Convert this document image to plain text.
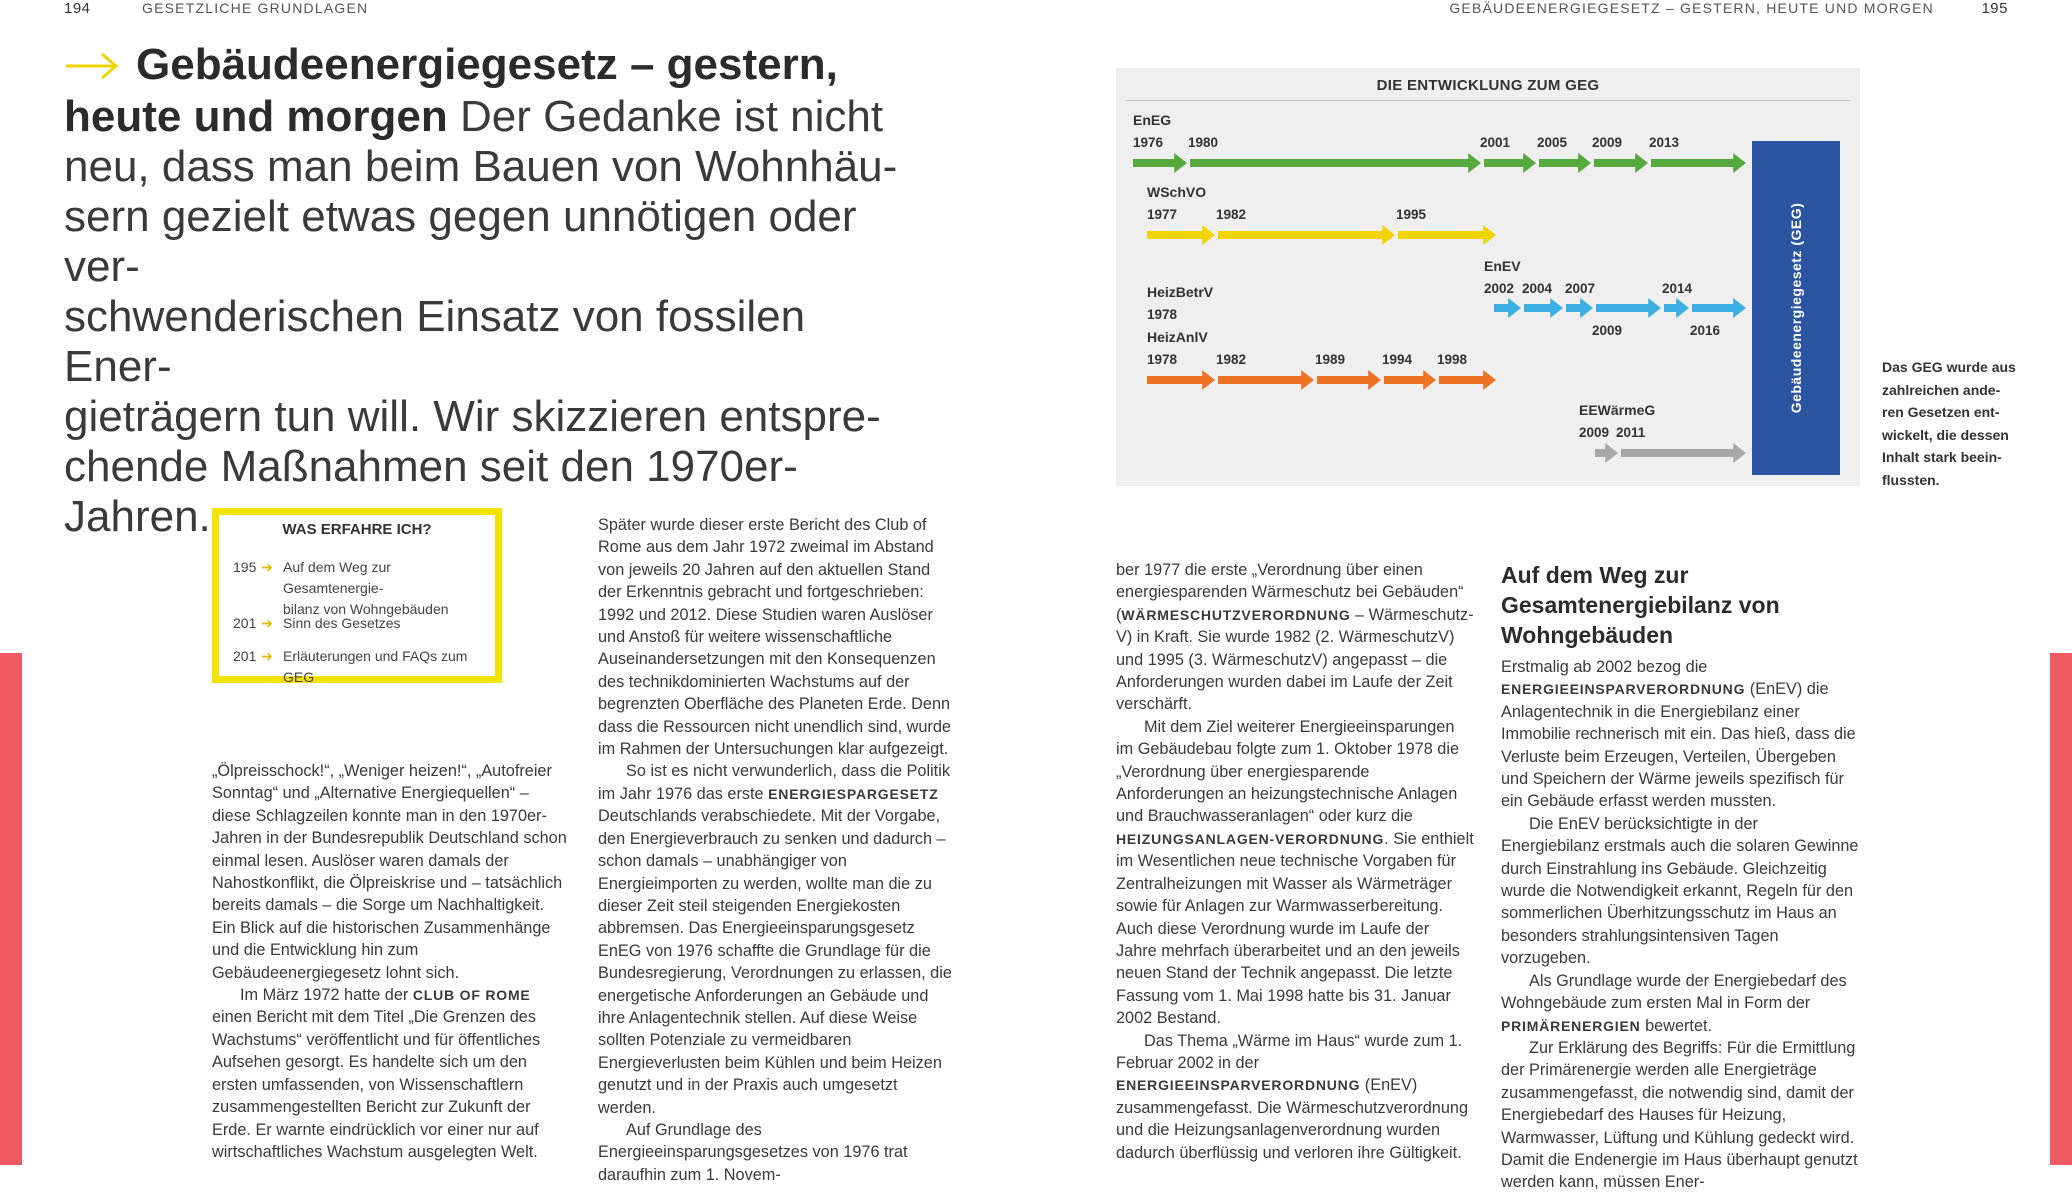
194	GESETZLICHE GRUNDLAGEN	GEBÄUDEENERGIEGESETZ – GESTERN, HEUTE UND MORGEN	195
Gebäudeenergiegesetz – gestern,
heute und morgen Der Gedanke ist nicht
neu, dass man beim Bauen von Wohnhäu-
sern gezielt etwas gegen unnötigen oder ver-
schwenderischen Einsatz von fossilen Ener-
gieträgern tun will. Wir skizzieren entspre-
chende Maßnahmen seit den 1970er-Jahren.	WAS ERFAHRE ICH?
195 ➔ Auf dem Weg zur Gesamtenergie-
bilanz von Wohngebäuden
201 ➔ Sinn des Gesetzes
201 ➔ Erläuterungen und FAQs zum GEG

„Ölpreisschock!“, „Weniger heizen!“, „Autofreier Sonntag“ und „Alternative Energiequellen“ – diese Schlagzeilen konnte man in den 1970er-Jahren in der Bundesrepublik Deutschland schon einmal lesen. Auslöser waren damals der Nahostkonflikt, die Ölpreiskrise und – tatsächlich bereits damals – die Sorge um Nachhaltigkeit. Ein Blick auf die historischen Zusammenhänge und die Entwicklung hin zum Gebäudeenergiegesetz lohnt sich.

Im März 1972 hatte der CLUB OF ROME einen Bericht mit dem Titel „Die Grenzen des Wachstums“ veröffentlicht und für öffentliches Aufsehen gesorgt. Es handelte sich um den ersten umfassenden, von Wissenschaftlern zusammengestellten Bericht zur Zukunft der Erde. Er warnte eindrücklich vor einer nur auf wirtschaftliches Wachstum ausgelegten Welt.

Später wurde dieser erste Bericht des Club of Rome aus dem Jahr 1972 zweimal im Abstand von jeweils 20 Jahren auf den aktuellen Stand der Erkenntnis gebracht und fortgeschrieben: 1992 und 2012. Diese Studien waren Auslöser und Anstoß für weitere wissenschaftliche Auseinandersetzungen mit den Konsequenzen des technikdominierten Wachstums auf der begrenzten Oberfläche des Planeten Erde. Denn dass die Ressourcen nicht unendlich sind, wurde im Rahmen der Untersuchungen klar aufgezeigt.

So ist es nicht verwunderlich, dass die Politik im Jahr 1976 das erste ENERGIESPARGESETZ Deutschlands verabschiedete. Mit der Vorgabe, den Energieverbrauch zu senken und dadurch – schon damals – unabhängiger von Energieimporten zu werden, wollte man die zu dieser Zeit steil steigenden Energiekosten abbremsen. Das Energieeinsparungsgesetz EnEG von 1976 schaffte die Grundlage für die Bundesregierung, Verordnungen zu erlassen, die energetische Anforderungen an Gebäude und ihre Anlagentechnik stellen. Auf diese Weise sollten Potenziale zu vermeidbaren Energieverlusten beim Kühlen und beim Heizen genutzt und in der Praxis auch umgesetzt werden.

Auf Grundlage des Energieeinsparungsgesetzes von 1976 trat daraufhin zum 1. Novem-

ber 1977 die erste „Verordnung über einen energiesparenden Wärmeschutz bei Gebäuden“ (WÄRMESCHUTZVERORDNUNG – WärmeschutzV) in Kraft. Sie wurde 1982 (2. WärmeschutzV) und 1995 (3. WärmeschutzV) angepasst – die Anforderungen wurden dabei im Laufe der Zeit verschärft.

Mit dem Ziel weiterer Energieeinsparungen im Gebäudebau folgte zum 1. Oktober 1978 die „Verordnung über energiesparende Anforderungen an heizungstechnische Anlagen und Brauchwasseranlagen“ oder kurz die HEIZUNGSANLAGEN-VERORDNUNG. Sie enthielt im Wesentlichen neue technische Vorgaben für Zentralheizungen mit Wasser als Wärmeträger sowie für Anlagen zur Warmwasserbereitung. Auch diese Verordnung wurde im Laufe der Jahre mehrfach überarbeitet und an den jeweils neuen Stand der Technik angepasst. Die letzte Fassung vom 1. Mai 1998 hatte bis 31. Januar 2002 Bestand.

Das Thema „Wärme im Haus“ wurde zum 1. Februar 2002 in der ENERGIEEINSPARVERORDNUNG (EnEV) zusammengefasst. Die Wärmeschutzverordnung und die Heizungsanlagenverordnung wurden dadurch überflüssig und verloren ihre Gültigkeit.

Auf dem Weg zur Gesamtenergiebilanz von Wohngebäuden

Erstmalig ab 2002 bezog die ENERGIEEINSPARVERORDNUNG (EnEV) die Anlagentechnik in die Energiebilanz einer Immobilie rechnerisch mit ein. Das hieß, dass die Verluste beim Erzeugen, Verteilen, Übergeben und Speichern der Wärme jeweils spezifisch für ein Gebäude erfasst werden mussten.

Die EnEV berücksichtigte in der Energiebilanz erstmals auch die solaren Gewinne durch Einstrahlung ins Gebäude. Gleichzeitig wurde die Notwendigkeit erkannt, Regeln für den sommerlichen Überhitzungsschutz im Haus an besonders strahlungsintensiven Tagen vorzugeben.

Als Grundlage wurde der Energiebedarf des Wohngebäude zum ersten Mal in Form der PRIMÄRENERGIEN bewertet.

Zur Erklärung des Begriffs: Für die Ermittlung der Primärenergie werden alle Energieträge zusammengefasst, die notwendig sind, damit der Energiebedarf des Hauses für Heizung, Warmwasser, Lüftung und Kühlung gedeckt wird. Damit die Endenergie im Haus überhaupt genutzt werden kann, müssen Ener-

DIE ENTWICKLUNG ZUM GEG
EnEG
1976 1980	2001 2005 2009 2013
WSchVO
1977	1982	1995
EnEV
2002 2004 2007	2014
2009	2016
HeizBetrV
1978
HeizAnlV
1978	1982	1989	1994 1998
EEWärmeG
2009 2011
Gebäudeenergiegesetz (GEG)	Das GEG wurde aus
zahlreichen ande-
ren Gesetzen ent-
wickelt, die dessen
Inhalt stark beein-
flussten.
